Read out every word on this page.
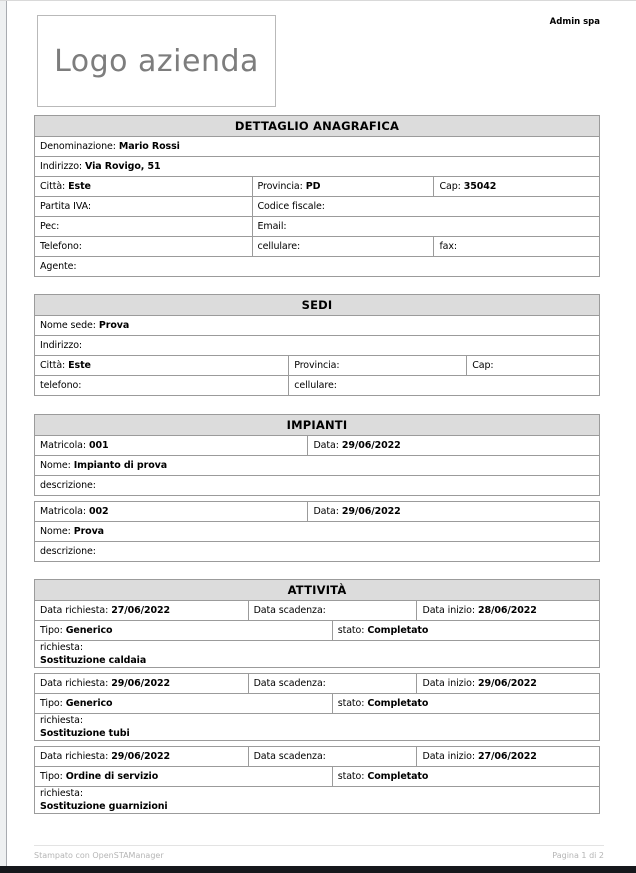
Admin spa
Logo azienda
DETTAGLIO ANAGRAFICA		
Denominazione: Mario Rossi		
Indirizzo: Via Rovigo, 51		
Città: Este	Provincia: PD	Cap: 35042
Partita IVA:	Codice fiscale:	
Pec:	Email:	
Telefono:	cellulare:	fax:
Agente:		
SEDI		
Nome sede: Prova		
Indirizzo:		
Città: Este	Provincia:	Cap:
telefono:	cellulare:	
IMPIANTI
Matricola: 001	Data: 29/06/2022
Nome: Impianto di prova
descrizione:
Matricola: 002	Data: 29/06/2022
Nome: Prova
descrizione:
ATTIVITÀ			
Data richiesta: 27/06/2022	Data scadenza:		Data inizio: 28/06/2022
Tipo: Generico		stato: Completato	

richiesta:
Sostituzione caldaia			
Data richiesta: 29/06/2022	Data scadenza:		Data inizio: 29/06/2022
Tipo: Generico		stato: Completato	

richiesta:
Sostituzione tubi			
Data richiesta: 29/06/2022	Data scadenza:		Data inizio: 27/06/2022
Tipo: Ordine di servizio		stato: Completato	

richiesta:
Sostituzione guarnizioni			
Stampato con OpenSTAManager	Pagina 1 di 2
